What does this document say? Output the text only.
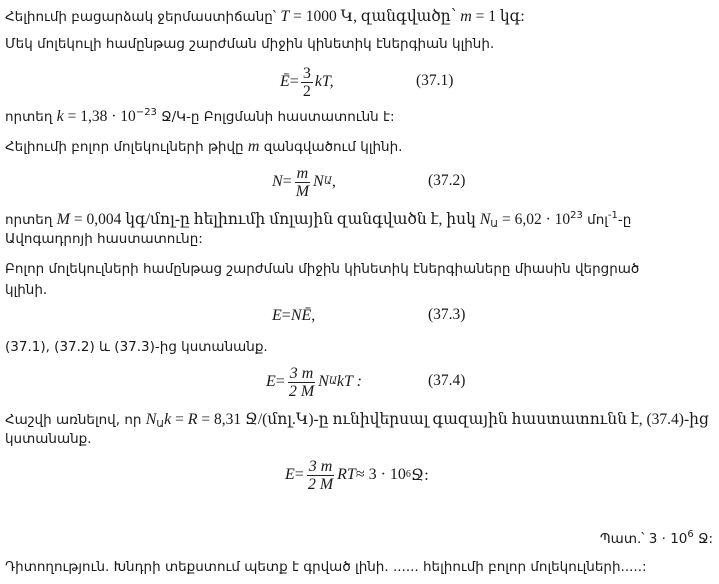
Հելիումի բացարձակ ջերմաստիճանը՝ T = 1000 Կ, զանգվածը՝ m = 1 կգ:
Մեկ մոլեկուլի համընթաց շարժման միջին կինետիկ էներգիան կլինի.
Ē = $\frac{3}{2}$ kT,	(37.1)
որտեղ $k = 1,38 \cdot 10^{-23}$ Ջ/Կ-ը Բոլցմանի հաստատունն է:
Հելիումի բոլոր մոլեկուլների թիվը m զանգվածում կլինի.
$N = \frac{m}{M}$ N Ա ,	(37.2)
որտեղ M = 0,004 կգ/մոլ-ը հելիումի մոլային զանգվածն է, իսկ $N_Ա = 6,02 \cdot 10^{23}$ մոլ$^{-1}$-ը
Ավոգադրոյի հաստատունը:
Բոլոր մոլեկուլների համընթաց շարժման միջին կինետիկ էներգիաները միասին վերցրած
կլինի.
E = NĒ ,	(37.3)
(37.1), (37.2) և (37.3)-ից կստանանք.
$E = \frac{3 m}{2 M}$ N Ա kT :	(37.4)
Հաշվի առնելով, որ $N_Աk = R = 8,31$ Ջ/(մոլ.Կ)-ը ունիվերսալ գազային հաստատունն է, (37.4)-ից
կստանանք.
$E = \frac{3 m}{2 M}$ RT ≈ 3 · 10 6 Ջ:
Պատ.՝ $3 \cdot 10^6$ Ջ:
Դիտողություն. Խնդրի տեքստում պետք է գրված լինի. ...... հելիումի բոլոր մոլեկուլների.....:
